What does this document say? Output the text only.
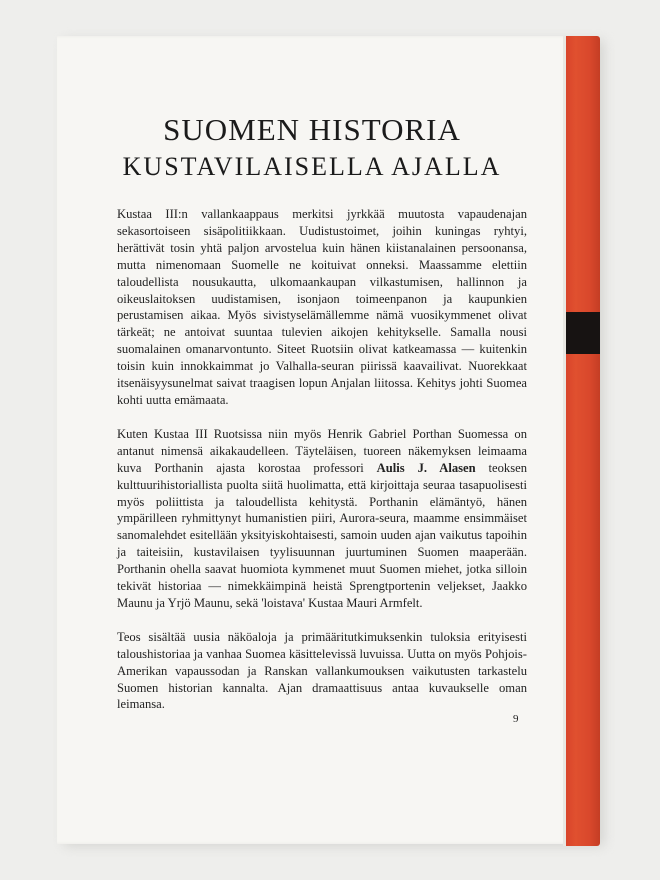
SUOMEN HISTORIA
KUSTAVILAISELLA AJALLA

Kustaa III:n vallankaappaus merkitsi jyrkkää muutosta vapaudenajan sekasortoiseen sisäpolitiikkaan. Uudistustoimet, joihin kuningas ryhtyi, herättivät tosin yhtä paljon arvostelua kuin hänen kiistanalainen persoonansa, mutta nimenomaan Suomelle ne koituivat onneksi. Maassamme elettiin taloudellista nousukautta, ulkomaankaupan vilkastumisen, hallinnon ja oikeuslaitoksen uudistamisen, isonjaon toimeenpanon ja kaupunkien perustamisen aikaa. Myös sivistyselämällemme nämä vuosikymmenet olivat tärkeät; ne antoivat suuntaa tulevien aikojen kehitykselle. Samalla nousi suomalainen omanarvontunto. Siteet Ruotsiin olivat katkeamassa — kuitenkin toisin kuin innokkaimmat jo Valhalla-seuran piirissä kaavailivat. Nuorekkaat itsenäisyysunelmat saivat traagisen lopun Anjalan liitossa. Kehitys johti Suomea kohti uutta emämaata.

Kuten Kustaa III Ruotsissa niin myös Henrik Gabriel Porthan Suomessa on antanut nimensä aikakaudelleen. Täyteläisen, tuoreen näkemyksen leimaama kuva Porthanin ajasta korostaa professori Aulis J. Alasen teoksen kulttuurihistoriallista puolta siitä huolimatta, että kirjoittaja seuraa tasapuolisesti myös poliittista ja taloudellista kehitystä. Porthanin elämäntyö, hänen ympärilleen ryhmittynyt humanistien piiri, Aurora-seura, maamme ensimmäiset sanomalehdet esitellään yksityiskohtaisesti, samoin uuden ajan vaikutus tapoihin ja taiteisiin, kustavilaisen tyylisuunnan juurtuminen Suomen maaperään. Porthanin ohella saavat huomiota kymmenet muut Suomen miehet, jotka silloin tekivät historiaa — nimekkäimpinä heistä Sprengtportenin veljekset, Jaakko Maunu ja Yrjö Maunu, sekä 'loistava' Kustaa Mauri Armfelt.

Teos sisältää uusia näköaloja ja primääritutkimuksenkin tuloksia erityisesti taloushistoriaa ja vanhaa Suomea käsittelevissä luvuissa. Uutta on myös Pohjois-Amerikan vapaussodan ja Ranskan vallankumouksen vaikutusten tarkastelu Suomen historian kannalta. Ajan dramaattisuus antaa kuvaukselle oman leimansa.

9
